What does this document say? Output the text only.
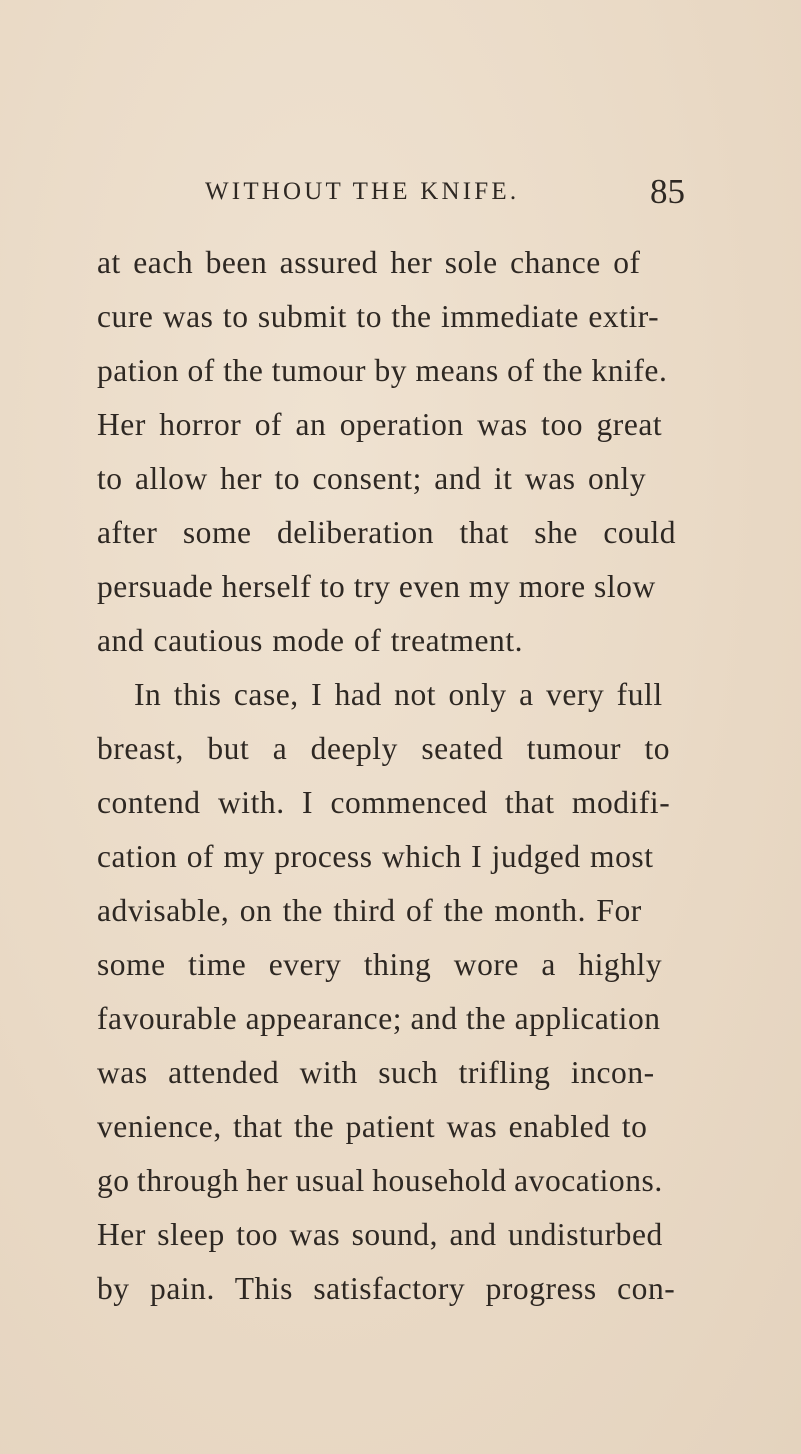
WITHOUT THE KNIFE.	85
at each been assured her sole chance of
cure was to submit to the immediate extir-
pation of the tumour by means of the knife.
Her horror of an operation was too great
to allow her to consent; and it was only
after some deliberation that she could
persuade herself to try even my more slow
and cautious mode of treatment.
In this case, I had not only a very full
breast, but a deeply seated tumour to
contend with. I commenced that modifi-
cation of my process which I judged most
advisable, on the third of the month. For
some time every thing wore a highly
favourable appearance; and the application
was attended with such trifling incon-
venience, that the patient was enabled to
go through her usual household avocations.
Her sleep too was sound, and undisturbed
by pain. This satisfactory progress con-
